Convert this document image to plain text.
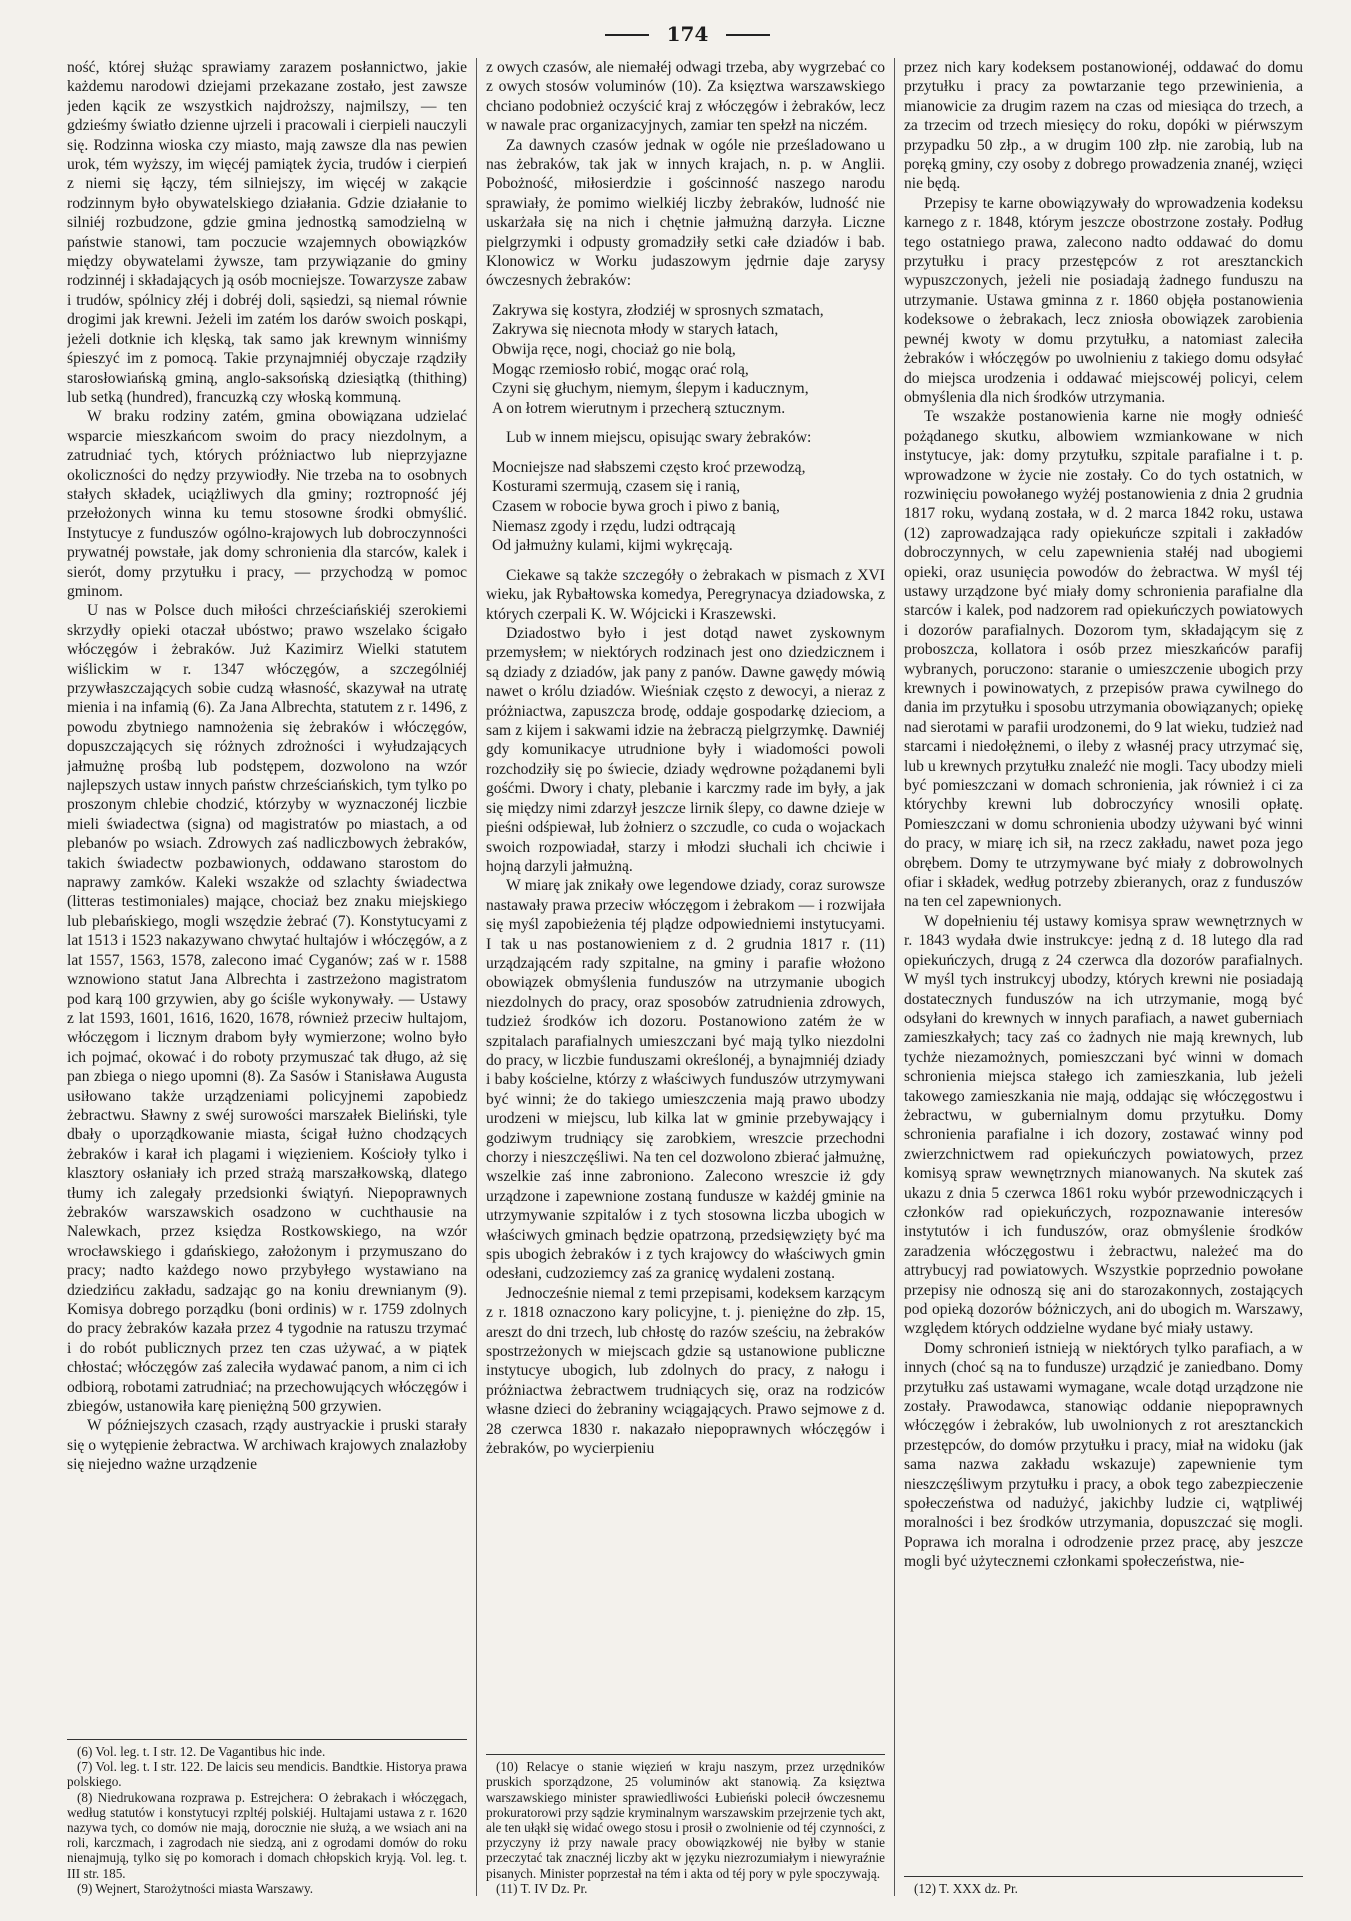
174

ność, której służąc sprawiamy zarazem posłannictwo, jakie każdemu narodowi dziejami przekazane zostało, jest zawsze jeden kącik ze wszystkich najdroższy, najmilszy, — ten gdzieśmy światło dzienne ujrzeli i pracowali i cierpieli nauczyli się. Rodzinna wioska czy miasto, mają zawsze dla nas pewien urok, tém wyższy, im więcéj pamiątek życia, trudów i cierpień z niemi się łączy, tém silniejszy, im więcéj w zakącie rodzinnym było obywatelskiego działania. Gdzie działanie to silniéj rozbudzone, gdzie gmina jednostką samodzielną w państwie stanowi, tam poczucie wzajemnych obowiązków między obywatelami żywsze, tam przywiązanie do gminy rodzinnéj i składających ją osób mocniejsze. Towarzysze zabaw i trudów, spólnicy złéj i dobréj doli, sąsiedzi, są niemal równie drogimi jak krewni. Jeżeli im zatém los darów swoich poskąpi, jeżeli dotknie ich klęską, tak samo jak krewnym winniśmy śpieszyć im z pomocą. Takie przynajmniéj obyczaje rządziły starosłowiańską gminą, anglo-saksońską dziesiątką (thithing) lub setką (hundred), francuzką czy włoską kommuną.

W braku rodziny zatém, gmina obowiązana udzielać wsparcie mieszkańcom swoim do pracy niezdolnym, a zatrudniać tych, których próżniactwo lub nieprzyjazne okoliczności do nędzy przywiodły. Nie trzeba na to osobnych stałych składek, uciążliwych dla gminy; roztropność jéj przełożonych winna ku temu stosowne środki obmyślić. Instytucye z funduszów ogólno-krajowych lub dobroczynności prywatnéj powstałe, jak domy schronienia dla starców, kalek i sierót, domy przytułku i pracy, — przychodzą w pomoc gminom.

U nas w Polsce duch miłości chrześciańskiéj szerokiemi skrzydły opieki otaczał ubóstwo; prawo wszelako ścigało włóczęgów i żebraków. Już Kazimirz Wielki statutem wiślickim w r. 1347 włóczęgów, a szczególniéj przywłaszczających sobie cudzą własność, skazywał na utratę mienia i na infamią (6). Za Jana Albrechta, statutem z r. 1496, z powodu zbytniego namnożenia się żebraków i włóczęgów, dopuszczających się różnych zdrożności i wyłudzających jałmużnę prośbą lub podstępem, dozwolono na wzór najlepszych ustaw innych państw chrześciańskich, tym tylko po proszonym chlebie chodzić, którzyby w wyznaczonéj liczbie mieli świadectwa (signa) od magistratów po miastach, a od plebanów po wsiach. Zdrowych zaś nadliczbowych żebraków, takich świadectw pozbawionych, oddawano starostom do naprawy zamków. Kaleki wszakże od szlachty świadectwa (litteras testimoniales) mające, chociaż bez znaku miejskiego lub plebańskiego, mogli wszędzie żebrać (7). Konstytucyami z lat 1513 i 1523 nakazywano chwytać hultajów i włóczęgów, a z lat 1557, 1563, 1578, zalecono imać Cyganów; zaś w r. 1588 wznowiono statut Jana Albrechta i zastrzeżono magistratom pod karą 100 grzywien, aby go ściśle wykonywały. — Ustawy z lat 1593, 1601, 1616, 1620, 1678, również przeciw hultajom, włóczęgom i licznym drabom były wymierzone; wolno było ich pojmać, okować i do roboty przymuszać tak długo, aż się pan zbiega o niego upomni (8). Za Sasów i Stanisława Augusta usiłowano także urządzeniami policyjnemi zapobiedz żebractwu. Sławny z swéj surowości marszałek Bieliński, tyle dbały o uporządkowanie miasta, ścigał łużno chodzących żebraków i karał ich plagami i więzieniem. Kościoły tylko i klasztory osłaniały ich przed strażą marszałkowską, dlatego tłumy ich zalegały przedsionki świątyń. Niepoprawnych żebraków warszawskich osadzono w cuchthausie na Nalewkach, przez księdza Rostkowskiego, na wzór wrocławskiego i gdańskiego, założonym i przymuszano do pracy; nadto każdego nowo przybyłego wystawiano na dziedzińcu zakładu, sadzając go na koniu drewnianym (9). Komisya dobrego porządku (boni ordinis) w r. 1759 zdolnych do pracy żebraków kazała przez 4 tygodnie na ratuszu trzymać i do robót publicznych przez ten czas używać, a w piątek chłostać; włóczęgów zaś zaleciła wydawać panom, a nim ci ich odbiorą, robotami zatrudniać; na przechowujących włóczęgów i zbiegów, ustanowiła karę pieniężną 500 grzywien.

W późniejszych czasach, rządy austryackie i pruski starały się o wytępienie żebractwa. W archiwach krajowych znalazłoby się niejedno ważne urządzenie

(6) Vol. leg. t. I str. 12. De Vagantibus hic inde.

(7) Vol. leg. t. I str. 122. De laicis seu mendicis. Bandtkie. Historya prawa polskiego.

(8) Niedrukowana rozprawa p. Estrejchera: O żebrakach i włóczęgach, według statutów i konstytucyi rzpltéj polskiéj. Hultajami ustawa z r. 1620 nazywa tych, co domów nie mają, dorocznie nie służą, a we wsiach ani na roli, karczmach, i zagrodach nie siedzą, ani z ogrodami domów do roku nienajmują, tylko się po komorach i domach chłopskich kryją. Vol. leg. t. III str. 185.

(9) Wejnert, Starożytności miasta Warszawy.

z owych czasów, ale niemałéj odwagi trzeba, aby wygrzebać co z owych stosów voluminów (10). Za księztwa warszawskiego chciano podobnież oczyścić kraj z włóczęgów i żebraków, lecz w nawale prac organizacyjnych, zamiar ten spełzł na niczém.

Za dawnych czasów jednak w ogóle nie prześladowano u nas żebraków, tak jak w innych krajach, n. p. w Anglii. Pobożność, miłosierdzie i gościnność naszego narodu sprawiały, że pomimo wielkiéj liczby żebraków, ludność nie uskarżała się na nich i chętnie jałmużną darzyła. Liczne pielgrzymki i odpusty gromadziły setki całe dziadów i bab. Klonowicz w Worku judaszowym jędrnie daje zarysy ówczesnych żebraków:

Zakrywa się kostyra, złodziéj w sprosnych szmatach,
Zakrywa się niecnota młody w starych łatach,
Obwija ręce, nogi, chociaż go nie bolą,
Mogąc rzemiosło robić, mogąc orać rolą,
Czyni się głuchym, niemym, ślepym i kaducznym,
A on łotrem wierutnym i przecherą sztucznym.

Lub w innem miejscu, opisując swary żebraków:

Mocniejsze nad słabszemi często kroć przewodzą,
Kosturami szermują, czasem się i ranią,
Czasem w robocie bywa groch i piwo z banią,
Niemasz zgody i rzędu, ludzi odtrącają
Od jałmużny kulami, kijmi wykręcają.

Ciekawe są także szczegóły o żebrakach w pismach z XVI wieku, jak Rybałtowska komedya, Peregrynacya dziadowska, z których czerpali K. W. Wójcicki i Kraszewski.

Dziadostwo było i jest dotąd nawet zyskownym przemysłem; w niektórych rodzinach jest ono dziedzicznem i są dziady z dziadów, jak pany z panów. Dawne gawędy mówią nawet o królu dziadów. Wieśniak często z dewocyi, a nieraz z próżniactwa, zapuszcza brodę, oddaje gospodarkę dzieciom, a sam z kijem i sakwami idzie na żebraczą pielgrzymkę. Dawniéj gdy komunikacye utrudnione były i wiadomości powoli rozchodziły się po świecie, dziady wędrowne pożądanemi byli gośćmi. Dwory i chaty, plebanie i karczmy rade im były, a jak się między nimi zdarzył jeszcze lirnik ślepy, co dawne dzieje w pieśni odśpiewał, lub żołnierz o szczudle, co cuda o wojackach swoich rozpowiadał, starzy i młodzi słuchali ich chciwie i hojną darzyli jałmużną.

W miarę jak znikały owe legendowe dziady, coraz surowsze nastawały prawa przeciw włóczęgom i żebrakom — i rozwijała się myśl zapobieżenia téj plądze odpowiedniemi instytucyami. I tak u nas postanowieniem z d. 2 grudnia 1817 r. (11) urządzającém rady szpitalne, na gminy i parafie włożono obowiązek obmyślenia funduszów na utrzymanie ubogich niezdolnych do pracy, oraz sposobów zatrudnienia zdrowych, tudzież środków ich dozoru. Postanowiono zatém że w szpitalach parafialnych umieszczani być mają tylko niezdolni do pracy, w liczbie funduszami określonéj, a bynajmniéj dziady i baby kościelne, którzy z właściwych funduszów utrzymywani być winni; że do takiego umieszczenia mają prawo ubodzy urodzeni w miejscu, lub kilka lat w gminie przebywający i godziwym trudniący się zarobkiem, wreszcie przechodni chorzy i nieszczęśliwi. Na ten cel dozwolono zbierać jałmużnę, wszelkie zaś inne zabroniono. Zalecono wreszcie iż gdy urządzone i zapewnione zostaną fundusze w każdéj gminie na utrzymywanie szpitalów i z tych stosowna liczba ubogich w właściwych gminach będzie opatrzoną, przedsięwzięty być ma spis ubogich żebraków i z tych krajowcy do właściwych gmin odesłani, cudzoziemcy zaś za granicę wydaleni zostaną.

Jednocześnie niemal z temi przepisami, kodeksem karzącym z r. 1818 oznaczono kary policyjne, t. j. pieniężne do złp. 15, areszt do dni trzech, lub chłostę do razów sześciu, na żebraków spostrzeżonych w miejscach gdzie są ustanowione publiczne instytucye ubogich, lub zdolnych do pracy, z nałogu i próżniactwa żebractwem trudniących się, oraz na rodziców własne dzieci do żebraniny wciągających. Prawo sejmowe z d. 28 czerwca 1830 r. nakazało niepoprawnych włóczęgów i żebraków, po wycierpieniu

(10) Relacye o stanie więzień w kraju naszym, przez urzędników pruskich sporządzone, 25 voluminów akt stanowią. Za księztwa warszawskiego minister sprawiedliwości Łubieński polecił ówczesnemu prokuratorowi przy sądzie kryminalnym warszawskim przejrzenie tych akt, ale ten ułąkł się widać owego stosu i prosił o zwolnienie od téj czynności, z przyczyny iż przy nawale pracy obowiązkowéj nie byłby w stanie przeczytać tak znacznéj liczby akt w języku niezrozumiałym i niewyraźnie pisanych. Minister poprzestał na tém i akta od téj pory w pyle spoczywają.

(11) T. IV Dz. Pr.

przez nich kary kodeksem postanowionéj, oddawać do domu przytułku i pracy za powtarzanie tego przewinienia, a mianowicie za drugim razem na czas od miesiąca do trzech, a za trzecim od trzech miesięcy do roku, dopóki w piérwszym przypadku 50 złp., a w drugim 100 złp. nie zarobią, lub na poręką gminy, czy osoby z dobrego prowadzenia znanéj, wzięci nie będą.

Przepisy te karne obowiązywały do wprowadzenia kodeksu karnego z r. 1848, którym jeszcze obostrzone zostały. Podług tego ostatniego prawa, zalecono nadto oddawać do domu przytułku i pracy przestępców z rot aresztanckich wypuszczonych, jeżeli nie posiadają żadnego funduszu na utrzymanie. Ustawa gminna z r. 1860 objęła postanowienia kodeksowe o żebrakach, lecz zniosła obowiązek zarobienia pewnéj kwoty w domu przytułku, a natomiast zaleciła żebraków i włóczęgów po uwolnieniu z takiego domu odsyłać do miejsca urodzenia i oddawać miejscowéj policyi, celem obmyślenia dla nich środków utrzymania.

Te wszakże postanowienia karne nie mogły odnieść pożądanego skutku, albowiem wzmiankowane w nich instytucye, jak: domy przytułku, szpitale parafialne i t. p. wprowadzone w życie nie zostały. Co do tych ostatnich, w rozwinięciu powołanego wyżéj postanowienia z dnia 2 grudnia 1817 roku, wydaną została, w d. 2 marca 1842 roku, ustawa (12) zaprowadzająca rady opiekuńcze szpitali i zakładów dobroczynnych, w celu zapewnienia stałéj nad ubogiemi opieki, oraz usunięcia powodów do żebractwa. W myśl téj ustawy urządzone być miały domy schronienia parafialne dla starców i kalek, pod nadzorem rad opiekuńczych powiatowych i dozorów parafialnych. Dozorom tym, składającym się z proboszcza, kollatora i osób przez mieszkańców parafij wybranych, poruczono: staranie o umieszczenie ubogich przy krewnych i powinowatych, z przepisów prawa cywilnego do dania im przytułku i sposobu utrzymania obowiązanych; opiekę nad sierotami w parafii urodzonemi, do 9 lat wieku, tudzież nad starcami i niedołężnemi, o ileby z własnéj pracy utrzymać się, lub u krewnych przytułku znaleźć nie mogli. Tacy ubodzy mieli być pomieszczani w domach schronienia, jak również i ci za którychby krewni lub dobroczyńcy wnosili opłatę. Pomieszczani w domu schronienia ubodzy używani być winni do pracy, w miarę ich sił, na rzecz zakładu, nawet poza jego obrębem. Domy te utrzymywane być miały z dobrowolnych ofiar i składek, według potrzeby zbieranych, oraz z funduszów na ten cel zapewnionych.

W dopełnieniu téj ustawy komisya spraw wewnętrznych w r. 1843 wydała dwie instrukcye: jedną z d. 18 lutego dla rad opiekuńczych, drugą z 24 czerwca dla dozorów parafialnych. W myśl tych instrukcyj ubodzy, których krewni nie posiadają dostatecznych funduszów na ich utrzymanie, mogą być odsyłani do krewnych w innych parafiach, a nawet guberniach zamieszkałych; tacy zaś co żadnych nie mają krewnych, lub tychże niezamożnych, pomieszczani być winni w domach schronienia miejsca stałego ich zamieszkania, lub jeżeli takowego zamieszkania nie mają, oddając się włóczęgostwu i żebractwu, w gubernialnym domu przytułku. Domy schronienia parafialne i ich dozory, zostawać winny pod zwierzchnictwem rad opiekuńczych powiatowych, przez komisyą spraw wewnętrznych mianowanych. Na skutek zaś ukazu z dnia 5 czerwca 1861 roku wybór przewodniczących i członków rad opiekuńczych, rozpoznawanie interesów instytutów i ich funduszów, oraz obmyślenie środków zaradzenia włóczęgostwu i żebractwu, należeć ma do attrybucyj rad powiatowych. Wszystkie poprzednio powołane przepisy nie odnoszą się ani do starozakonnych, zostających pod opieką dozorów bóżniczych, ani do ubogich m. Warszawy, względem których oddzielne wydane być miały ustawy.

Domy schronień istnieją w niektórych tylko parafiach, a w innych (choć są na to fundusze) urządzić je zaniedbano. Domy przytułku zaś ustawami wymagane, wcale dotąd urządzone nie zostały. Prawodawca, stanowiąc oddanie niepoprawnych włóczęgów i żebraków, lub uwolnionych z rot aresztanckich przestępców, do domów przytułku i pracy, miał na widoku (jak sama nazwa zakładu wskazuje) zapewnienie tym nieszczęśliwym przytułku i pracy, a obok tego zabezpieczenie społeczeństwa od nadużyć, jakichby ludzie ci, wątpliwéj moralności i bez środków utrzymania, dopuszczać się mogli. Poprawa ich moralna i odrodzenie przez pracę, aby jeszcze mogli być użytecznemi członkami społeczeństwa, nie-

(12) T. XXX dz. Pr.
